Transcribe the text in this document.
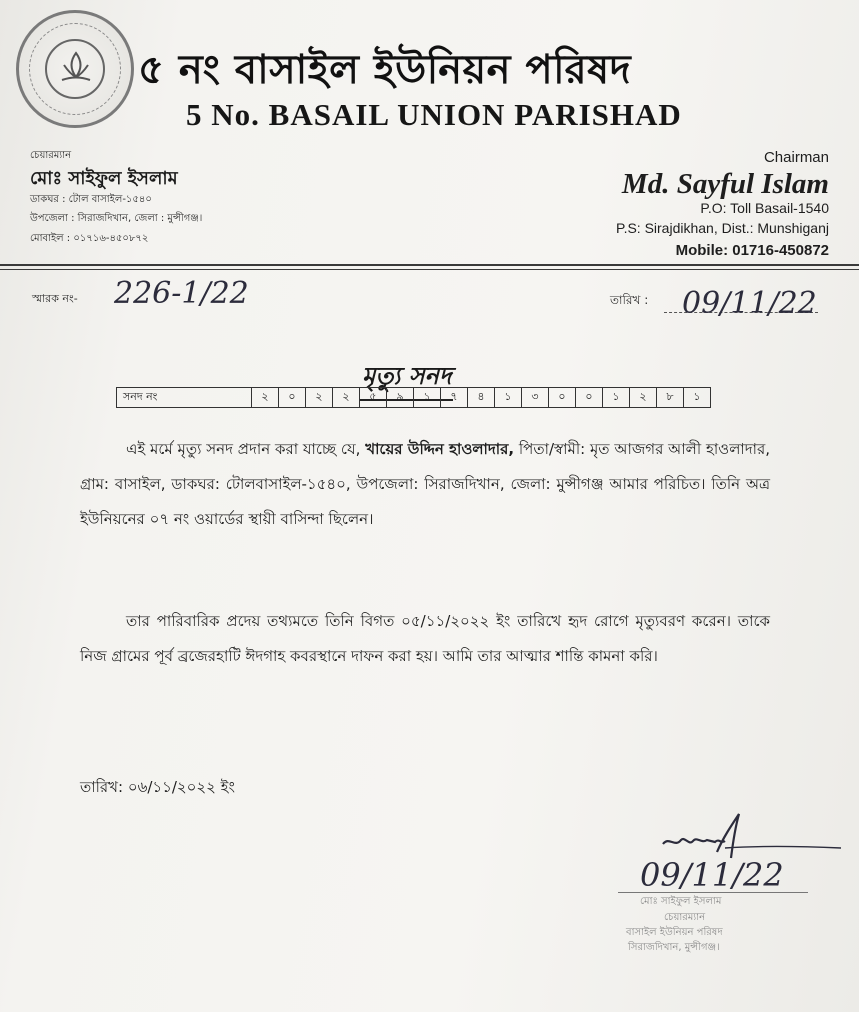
৫ নং বাসাইল ইউনিয়ন পরিষদ
5 No. BASAIL UNION PARISHAD
চেয়ারম্যান
মোঃ সাইফুল ইসলাম
ডাকঘর : টোল বাসাইল-১৫৪০
উপজেলা : সিরাজদিখান, জেলা : মুন্সীগঞ্জ।
মোবাইল : ০১৭১৬-৪৫০৮৭২
Chairman
Md. Sayful Islam
P.O: Toll Basail-1540
P.S: Sirajdikhan, Dist.: Munshiganj
Mobile: 01716-450872
স্মারক নং- 226-1/22	তারিখ : 09/11/22
মৃত্যু সনদ
সনদ নং	২	০	২	২	৫	৯	১	৭	৪	১	৩	০	০	১	২	৮	১
এই মর্মে মৃত্যু সনদ প্রদান করা যাচ্ছে যে, খায়ের উদ্দিন হাওলাদার, পিতা/স্বামী: মৃত আজগর আলী হাওলাদার, গ্রাম: বাসাইল, ডাকঘর: টোলবাসাইল-১৫৪০, উপজেলা: সিরাজদিখান, জেলা: মুন্সীগঞ্জ আমার পরিচিত। তিনি অত্র ইউনিয়নের ০৭ নং ওয়ার্ডের স্থায়ী বাসিন্দা ছিলেন।
তার পারিবারিক প্রদেয় তথ্যমতে তিনি বিগত ০৫/১১/২০২২ ইং তারিখে হৃদ রোগে মৃত্যুবরণ করেন। তাকে নিজ গ্রামের পূর্ব ব্রজেরহাটি ঈদগাহ কবরস্থানে দাফন করা হয়। আমি তার আত্মার শান্তি কামনা করি।
তারিখ: ০৬/১১/২০২২ ইং
09/11/22
মোঃ সাইফুল ইসলাম
চেয়ারম্যান
বাসাইল ইউনিয়ন পরিষদ
সিরাজদিখান, মুন্সীগঞ্জ।
